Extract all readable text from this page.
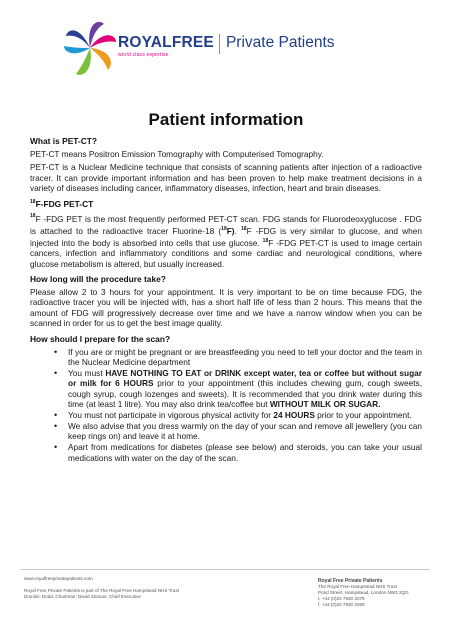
ROYALFREE Private Patients
world class expertise
Patient information
What is PET-CT?
PET-CT means Positron Emission Tomography with Computerised Tomography.
PET-CT is a Nuclear Medicine technique that consists of scanning patients after injection of a radioactive tracer. It can provide important information and has been proven to help make treatment decisions in a variety of diseases including cancer, inflammatory diseases, infection, heart and brain diseases.
$^{18}$F-FDG PET-CT
$^{18}$F -FDG PET is the most frequently performed PET-CT scan. FDG stands for Fluorodeoxyglucose . FDG is attached to the radioactive tracer Fluorine-18 ($^{18}$F). $^{18}$F -FDG is very similar to glucose, and when injected into the body is absorbed into cells that use glucose. $^{18}$F -FDG PET-CT is used to image certain cancers, infection and inflammatory conditions and some cardiac and neurological conditions, where glucose metabolism is altered, but usually increased.
How long will the procedure take?
Please allow 2 to 3 hours for your appointment. It is very important to be on time because FDG, the radioactive tracer you will be injected with, has a short half life of less than 2 hours. This means that the amount of FDG will progressively decrease over time and we have a narrow window when you can be scanned in order for us to get the best image quality.
How should I prepare for the scan?
• If you are or might be pregnant or are breastfeeding you need to tell your doctor and the team in the Nuclear Medicine department
• You must HAVE NOTHING TO EAT or DRINK except water, tea or coffee but without sugar or milk for 6 HOURS prior to your appointment (this includes chewing gum, cough sweets, cough syrup, cough lozenges and sweets). It is recommended that you drink water during this time (at least 1 litre). You may also drink tea/coffee but WITHOUT MILK OR SUGAR.
• You must not participate in vigorous physical activity for 24 HOURS prior to your appointment.
• We also advise that you dress warmly on the day of your scan and remove all jewellery (you can keep rings on) and leave it at home.
• Apart from medications for diabetes (please see below) and steroids, you can take your usual medications with water on the day of the scan.
www.royalfreeprivatepatients.com
Royal Free Private Patients is part of The Royal Free Hampstead NHS Trust
Dominic Dodd, Chairman; David Sloman, Chief Executive
Royal Free Private Patients
The Royal Free Hampstead NHS Trust
Pond Street, Hampstead, London NW3 2QG
t. +44 (0)20 7830 2079
f. +44 (0)20 7830 2069
